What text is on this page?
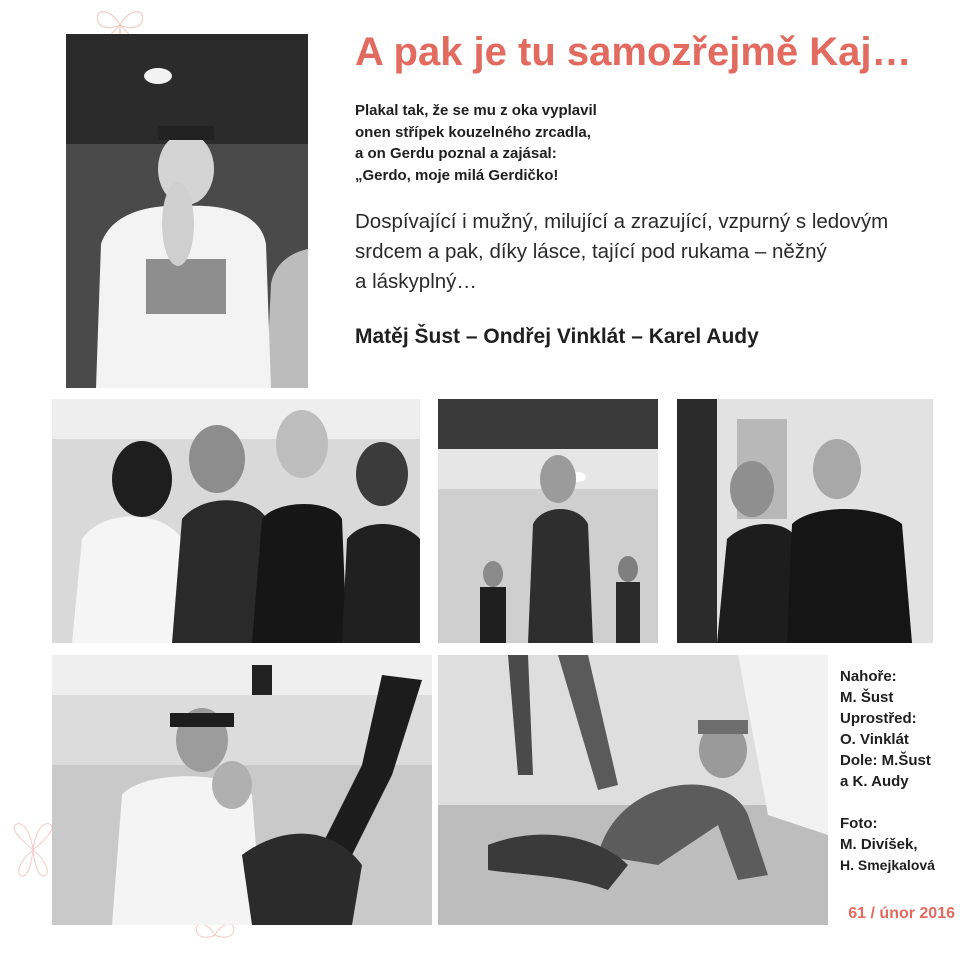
A pak je tu samozřejmě Kaj…
Plakal tak, že se mu z oka vyplavil
onen střípek kouzelného zrcadla,
a on Gerdu poznal a zajásal:
„Gerdo, moje milá Gerdičko!
Dospívající i mužný, milující a zrazující, vzpurný s ledovým
srdcem a pak, díky lásce, tající pod rukama – něžný
a láskyplný…
Matěj Šust – Ondřej Vinklát – Karel Audy
Nahoře:
M. Šust
Uprostřed:
O. Vinklát
Dole: M.Šust
a K. Audy
Foto:
M. Divíšek,
H. Smejkalová
61 / únor 2016
